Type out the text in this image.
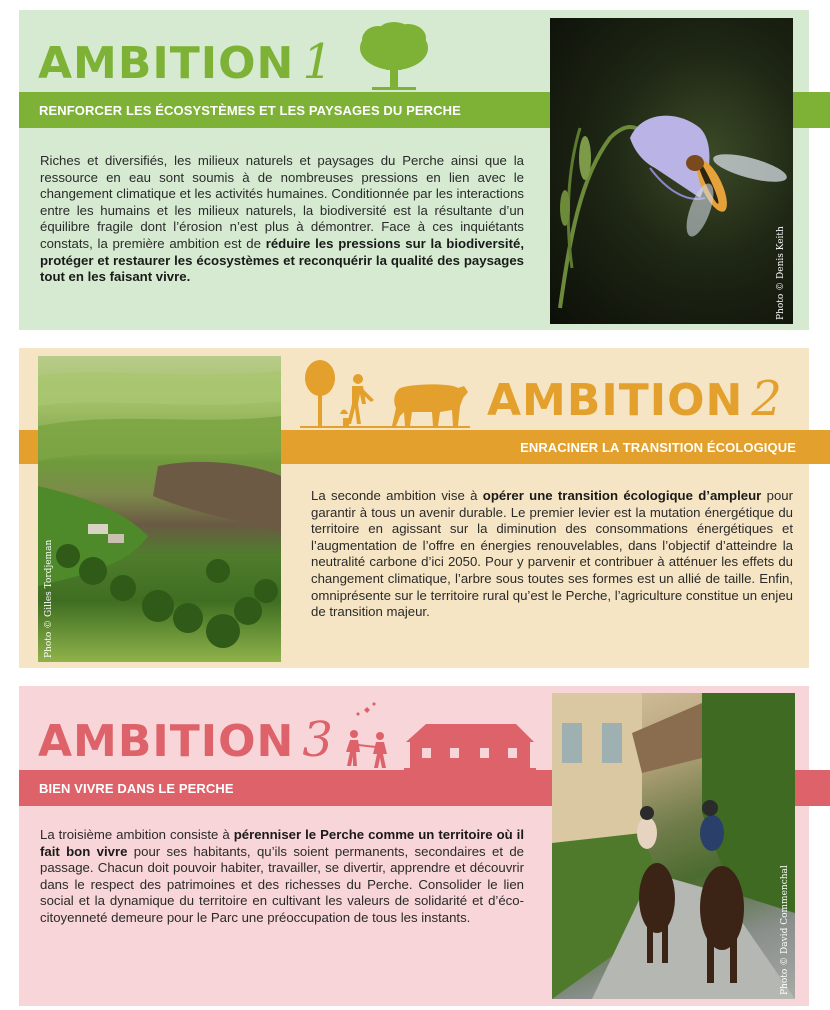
AMBITION 1
RENFORCER LES ÉCOSYSTÈMES ET LES PAYSAGES DU PERCHE
Riches et diversifiés, les milieux naturels et paysages du Perche ainsi que la ressource en eau sont soumis à de nombreuses pressions en lien avec le changement climatique et les activités humaines. Conditionnée par les interactions entre les humains et les milieux naturels, la biodiversité est la résultante d’un équilibre fragile dont l’érosion n’est plus à démontrer. Face à ces inquiétants constats, la première ambition est de réduire les pressions sur la biodiversité, protéger et restaurer les écosystèmes et reconquérir la qualité des paysages tout en les faisant vivre.	Photo © Denis Keith
AMBITION 2
ENRACINER LA TRANSITION ÉCOLOGIQUE
La seconde ambition vise à opérer une transition écologique d’ampleur pour garantir à tous un avenir durable. Le premier levier est la mutation énergétique du territoire en agissant sur la diminution des consommations énergétiques et l’augmentation de l’offre en énergies renouvelables, dans l’objectif d’atteindre la neutralité carbone d’ici 2050. Pour y parvenir et contribuer à atténuer les effets du changement climatique, l’arbre sous toutes ses formes est un allié de taille. Enfin, omniprésente sur le territoire rural qu’est le Perche, l’agriculture constitue un enjeu de transition majeur.
Photo © Gilles Tordjeman
AMBITION 3
BIEN VIVRE DANS LE PERCHE
La troisième ambition consiste à pérenniser le Perche comme un territoire où il fait bon vivre pour ses habitants, qu’ils soient permanents, secondaires et de passage. Chacun doit pouvoir habiter, travailler, se divertir, apprendre et découvrir dans le respect des patrimoines et des richesses du Perche. Consolider le lien social et la dynamique du territoire en cultivant les valeurs de solidarité et d’éco-citoyenneté demeure pour le Parc une préoccupation de tous les instants.	Photo © David Commenchal
